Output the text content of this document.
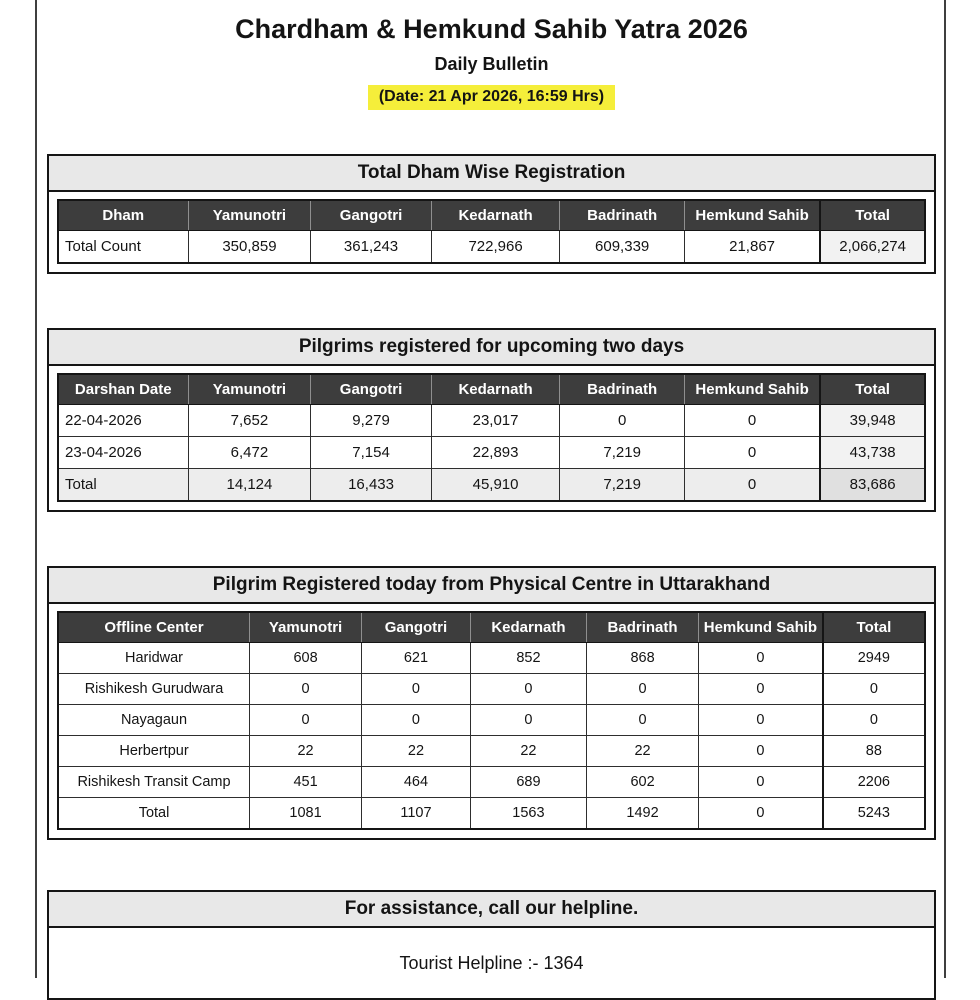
Chardham & Hemkund Sahib Yatra 2026
Daily Bulletin
(Date: 21 Apr 2026, 16:59 Hrs)
Total Dham Wise Registration
Dham	Yamunotri	Gangotri	Kedarnath	Badrinath	Hemkund Sahib	Total
Total Count	350,859	361,243	722,966	609,339	21,867	2,066,274
Pilgrims registered for upcoming two days
Darshan Date	Yamunotri	Gangotri	Kedarnath	Badrinath	Hemkund Sahib	Total
22-04-2026	7,652	9,279	23,017	0	0	39,948
23-04-2026	6,472	7,154	22,893	7,219	0	43,738
Total	14,124	16,433	45,910	7,219	0	83,686
Pilgrim Registered today from Physical Centre in Uttarakhand
Offline Center	Yamunotri	Gangotri	Kedarnath	Badrinath	Hemkund Sahib	Total
Haridwar	608	621	852	868	0	2949
Rishikesh Gurudwara	0	0	0	0	0	0
Nayagaun	0	0	0	0	0	0
Herbertpur	22	22	22	22	0	88
Rishikesh Transit Camp	451	464	689	602	0	2206
Total	1081	1107	1563	1492	0	5243
For assistance, call our helpline.
Tourist Helpline :- 1364
